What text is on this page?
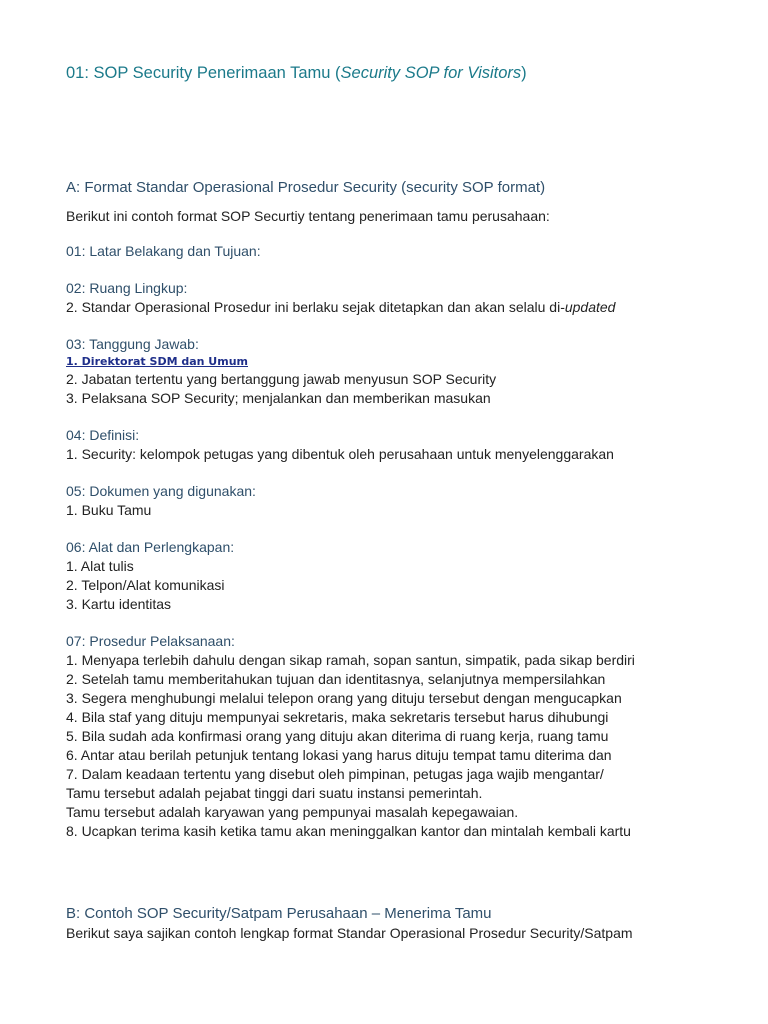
01: SOP Security Penerimaan Tamu (Security SOP for Visitors)
A: Format Standar Operasional Prosedur Security (security SOP format)

Berikut ini contoh format SOP Securtiy tentang penerimaan tamu perusahaan:

01: Latar Belakang dan Tujuan:

02: Ruang Lingkup:

2. Standar Operasional Prosedur ini berlaku sejak ditetapkan dan akan selalu di-updated

03: Tanggung Jawab:

1. Direktorat SDM dan Umum

2. Jabatan tertentu yang bertanggung jawab menyusun SOP Security

3. Pelaksana SOP Security; menjalankan dan memberikan masukan

04: Definisi:

1. Security: kelompok petugas yang dibentuk oleh perusahaan untuk menyelenggarakan

05: Dokumen yang digunakan:

1. Buku Tamu

06: Alat dan Perlengkapan:

1. Alat tulis

2. Telpon/Alat komunikasi

3. Kartu identitas

07: Prosedur Pelaksanaan:

1. Menyapa terlebih dahulu dengan sikap ramah, sopan santun, simpatik, pada sikap berdiri

2. Setelah tamu memberitahukan tujuan dan identitasnya, selanjutnya mempersilahkan

3. Segera menghubungi melalui telepon orang yang dituju tersebut dengan mengucapkan

4. Bila staf yang dituju mempunyai sekretaris, maka sekretaris tersebut harus dihubungi

5. Bila sudah ada konfirmasi orang yang dituju akan diterima di ruang kerja, ruang tamu

6. Antar atau berilah petunjuk tentang lokasi yang harus dituju tempat tamu diterima dan

7. Dalam keadaan tertentu yang disebut oleh pimpinan, petugas jaga wajib mengantar/

Tamu tersebut adalah pejabat tinggi dari suatu instansi pemerintah.

Tamu tersebut adalah karyawan yang pempunyai masalah kepegawaian.

8. Ucapkan terima kasih ketika tamu akan meninggalkan kantor dan mintalah kembali kartu

B: Contoh SOP Security/Satpam Perusahaan – Menerima Tamu

Berikut saya sajikan contoh lengkap format Standar Operasional Prosedur Security/Satpam
